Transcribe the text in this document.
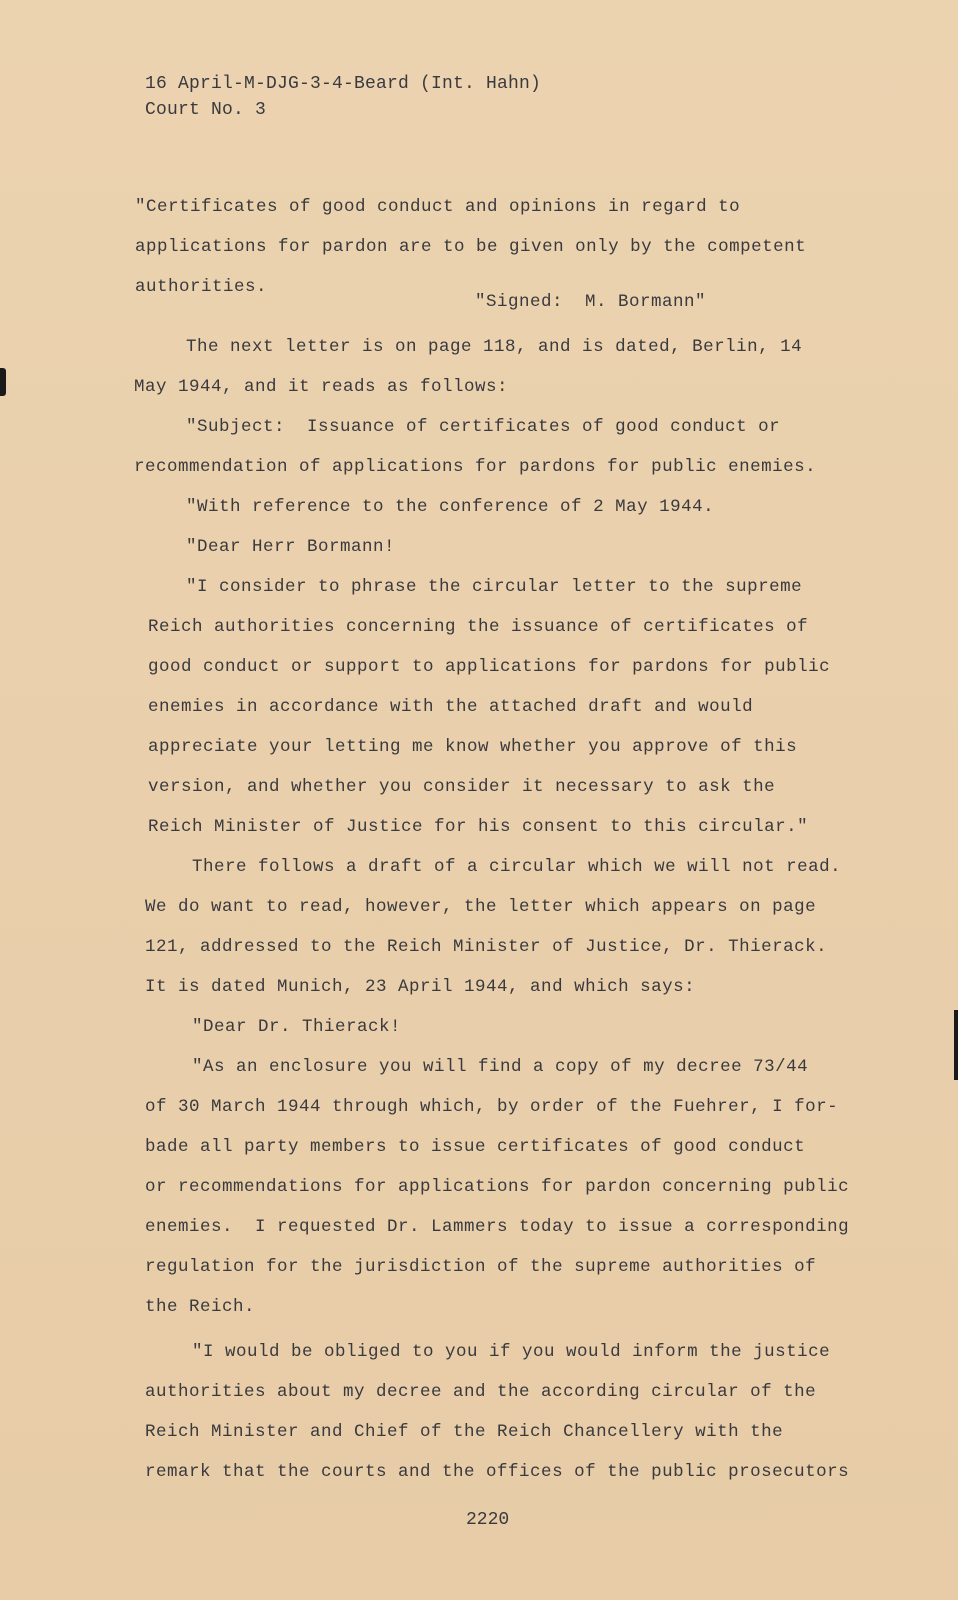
16 April-M-DJG-3-4-Beard (Int. Hahn)
Court No. 3
"Certificates of good conduct and opinions in regard to
applications for pardon are to be given only by the competent
authorities.
"Signed:  M. Bormann"
The next letter is on page 118, and is dated, Berlin, 14
May 1944, and it reads as follows:
"Subject:  Issuance of certificates of good conduct or
recommendation of applications for pardons for public enemies.
"With reference to the conference of 2 May 1944.
"Dear Herr Bormann!
"I consider to phrase the circular letter to the supreme
Reich authorities concerning the issuance of certificates of
good conduct or support to applications for pardons for public
enemies in accordance with the attached draft and would
appreciate your letting me know whether you approve of this
version, and whether you consider it necessary to ask the
Reich Minister of Justice for his consent to this circular."
There follows a draft of a circular which we will not read.
We do want to read, however, the letter which appears on page
121, addressed to the Reich Minister of Justice, Dr. Thierack.
It is dated Munich, 23 April 1944, and which says:
"Dear Dr. Thierack!
"As an enclosure you will find a copy of my decree 73/44
of 30 March 1944 through which, by order of the Fuehrer, I for-
bade all party members to issue certificates of good conduct
or recommendations for applications for pardon concerning public
enemies.  I requested Dr. Lammers today to issue a corresponding
regulation for the jurisdiction of the supreme authorities of
the Reich.
"I would be obliged to you if you would inform the justice
authorities about my decree and the according circular of the
Reich Minister and Chief of the Reich Chancellery with the
remark that the courts and the offices of the public prosecutors
2220
